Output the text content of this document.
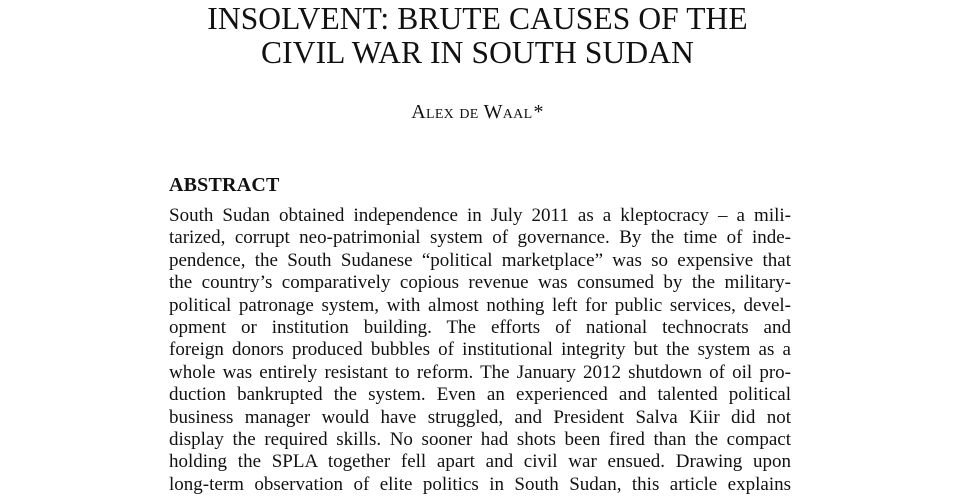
INSOLVENT: BRUTE CAUSES OF THE
CIVIL WAR IN SOUTH SUDAN
Alex de Waal*
ABSTRACT
South Sudan obtained independence in July 2011 as a kleptocracy – a mili-
tarized, corrupt neo-patrimonial system of governance. By the time of inde-
pendence, the South Sudanese “political marketplace” was so expensive that
the country’s comparatively copious revenue was consumed by the military-
political patronage system, with almost nothing left for public services, devel-
opment or institution building. The efforts of national technocrats and
foreign donors produced bubbles of institutional integrity but the system as a
whole was entirely resistant to reform. The January 2012 shutdown of oil pro-
duction bankrupted the system. Even an experienced and talented political
business manager would have struggled, and President Salva Kiir did not
display the required skills. No sooner had shots been fired than the compact
holding the SPLA together fell apart and civil war ensued. Drawing upon
long-term observation of elite politics in South Sudan, this article explains
